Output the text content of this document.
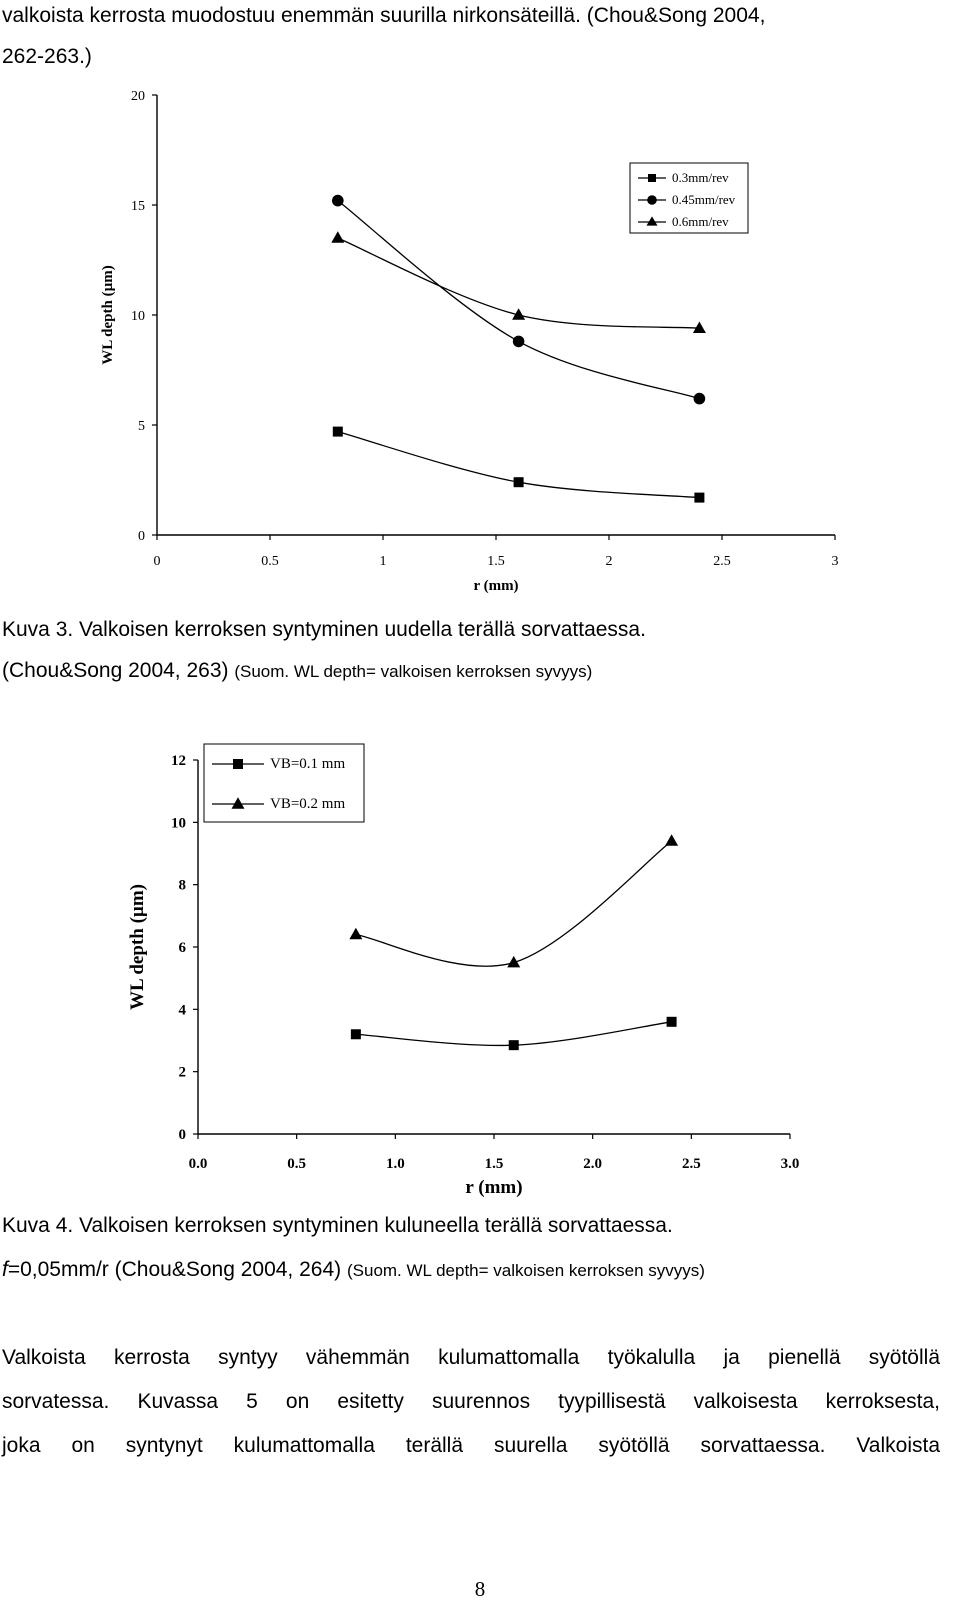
valkoista kerrosta muodostuu enemmän suurilla nirkonsäteillä. (Chou&Song 2004,
262-263.)
0	0.5	1	1.5	2	2.5	3
0
5
10
15
20
r (mm)
WL depth (µm)
0.3mm/rev
0.45mm/rev
0.6mm/rev
Kuva 3. Valkoisen kerroksen syntyminen uudella terällä sorvattaessa.
(Chou&Song 2004, 263) (Suom. WL depth= valkoisen kerroksen syvyys)
0.0	0.5	1.0	1.5	2.0	2.5	3.0
0
2
4
6
8
10
12
r (mm)
WL depth (µm)
VB=0.1 mm
VB=0.2 mm
Kuva 4. Valkoisen kerroksen syntyminen kuluneella terällä sorvattaessa.
f=0,05mm/r (Chou&Song 2004, 264) (Suom. WL depth= valkoisen kerroksen syvyys)
Valkoista kerrosta syntyy vähemmän kulumattomalla työkalulla ja pienellä syötöllä
sorvatessa. Kuvassa 5 on esitetty suurennos tyypillisestä valkoisesta kerroksesta,
joka on syntynyt kulumattomalla terällä suurella syötöllä sorvattaessa. Valkoista
8
